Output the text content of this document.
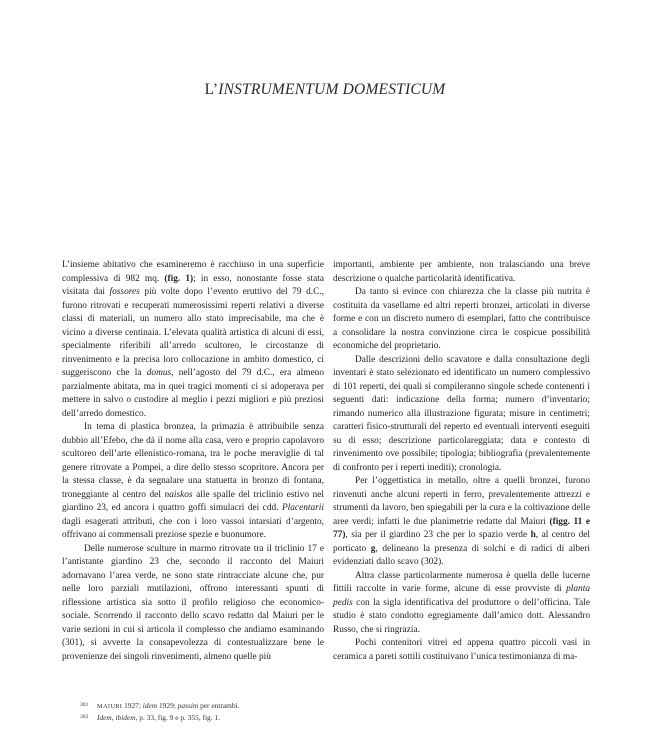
L’INSTRUMENTUM DOMESTICUM

L’insieme abitativo che esamineremo è racchiuso in una superficie complessiva di 982 mq. (fig. 1); in esso, nonostante fosse stata visitata dai fossores più volte dopo l’evento eruttivo del 79 d.C., furono ritrovati e recuperati numerosissimi reperti relativi a diverse classi di materiali, un numero allo stato imprecisabile, ma che è vicino a diverse centinaia. L’elevata qualità artistica di alcuni di essi, specialmente riferibili all’arredo scultoreo, le circostanze di rinvenimento e la precisa loro collocazione in ambito domestico, ci suggeriscono che la domus, nell’agosto del 79 d.C., era almeno parzialmente abitata, ma in quei tragici momenti ci si adoperava per mettere in salvo o custodire al meglio i pezzi migliori e più preziosi dell’arredo domestico.

In tema di plastica bronzea, la primazia è attribuibile senza dubbio all’Efebo, che dà il nome alla casa, vero e proprio capolavoro scultoreo dell’arte ellenistico-romana, tra le poche meraviglie di tal genere ritrovate a Pompei, a dire dello stesso scopritore. Ancora per la stessa classe, è da segnalare una statuetta in bronzo di fontana, troneggiante al centro del naiskos alle spalle del triclinio estivo nel giardino 23, ed ancora i quattro goffi simulacri dei cdd. Placentarii dagli esagerati attributi, che con i loro vassoi intarsiati d’argento, offrivano ai commensali preziose spezie e buonumore.

Delle numerose sculture in marmo ritrovate tra il triclinio 17 e l’antistante giardino 23 che, secondo il racconto del Maiuri adornavano l’area verde, ne sono state rintracciate alcune che, pur nelle loro parziali mutilazioni, offrono interessanti spunti di riflessione artistica sia sotto il profilo religioso che economico-sociale. Scorrendo il racconto dello scavo redatto dal Maiuri per le varie sezioni in cui si articola il complesso che andiamo esaminando (301), si avverte la consapevolezza di contestualizzare bene le provenienze dei singoli rinvenimenti, almeno quelle più

importanti, ambiente per ambiente, non tralasciando una breve descrizione o qualche particolarità identificativa.

Da tanto si evince con chiarezza che la classe più nutrita è costituita da vasellame ed altri reperti bronzei, articolati in diverse forme e con un discreto numero di esemplari, fatto che contribuisce a consolidare la nostra convinzione circa le cospicue possibilità economiche del proprietario.

Dalle descrizioni dello scavatore e dalla consultazione degli inventari è stato selezionato ed identificato un numero complessivo di 101 reperti, dei quali si compileranno singole schede contenenti i seguenti dati: indicazione della forma; numero d’inventario; rimando numerico alla illustrazione figurata; misure in centimetri; caratteri fisico-strutturali del reperto ed eventuali interventi eseguiti su di esso; descrizione particolareggiata; data e contesto di rinvenimento ove possibile; tipologia; bibliografia (prevalentemente di confronto per i reperti inediti); cronologia.

Per l’oggettistica in metallo, oltre a quelli bronzei, furono rinvenuti anche alcuni reperti in ferro, prevalentemente attrezzi e strumenti da lavoro, ben spiegabili per la cura e la coltivazione delle aree verdi; infatti le due planimetrie redatte dal Maiuri (figg. 11 e 77), sia per il giardino 23 che per lo spazio verde h, al centro del porticato g, delineano la presenza di solchi e di radici di alberi evidenziati dallo scavo (302).

Altra classe particolarmente numerosa è quella delle lucerne fittili raccolte in varie forme, alcune di esse provviste di planta pedis con la sigla identificativa del produttore o dell’officina. Tale studio è stato condotto egregiamente dall’amico dott. Alessandro Russo, che si ringrazia.

Pochi contenitori vitrei ed appena quattro piccoli vasi in ceramica a pareti sottili costituivano l’unica testimonianza di ma-

301 MAIURI 1927; idem 1929; passim per entrambi.
302 Idem, ibidem, p. 33, fig. 9 e p. 355, fig. 1.
